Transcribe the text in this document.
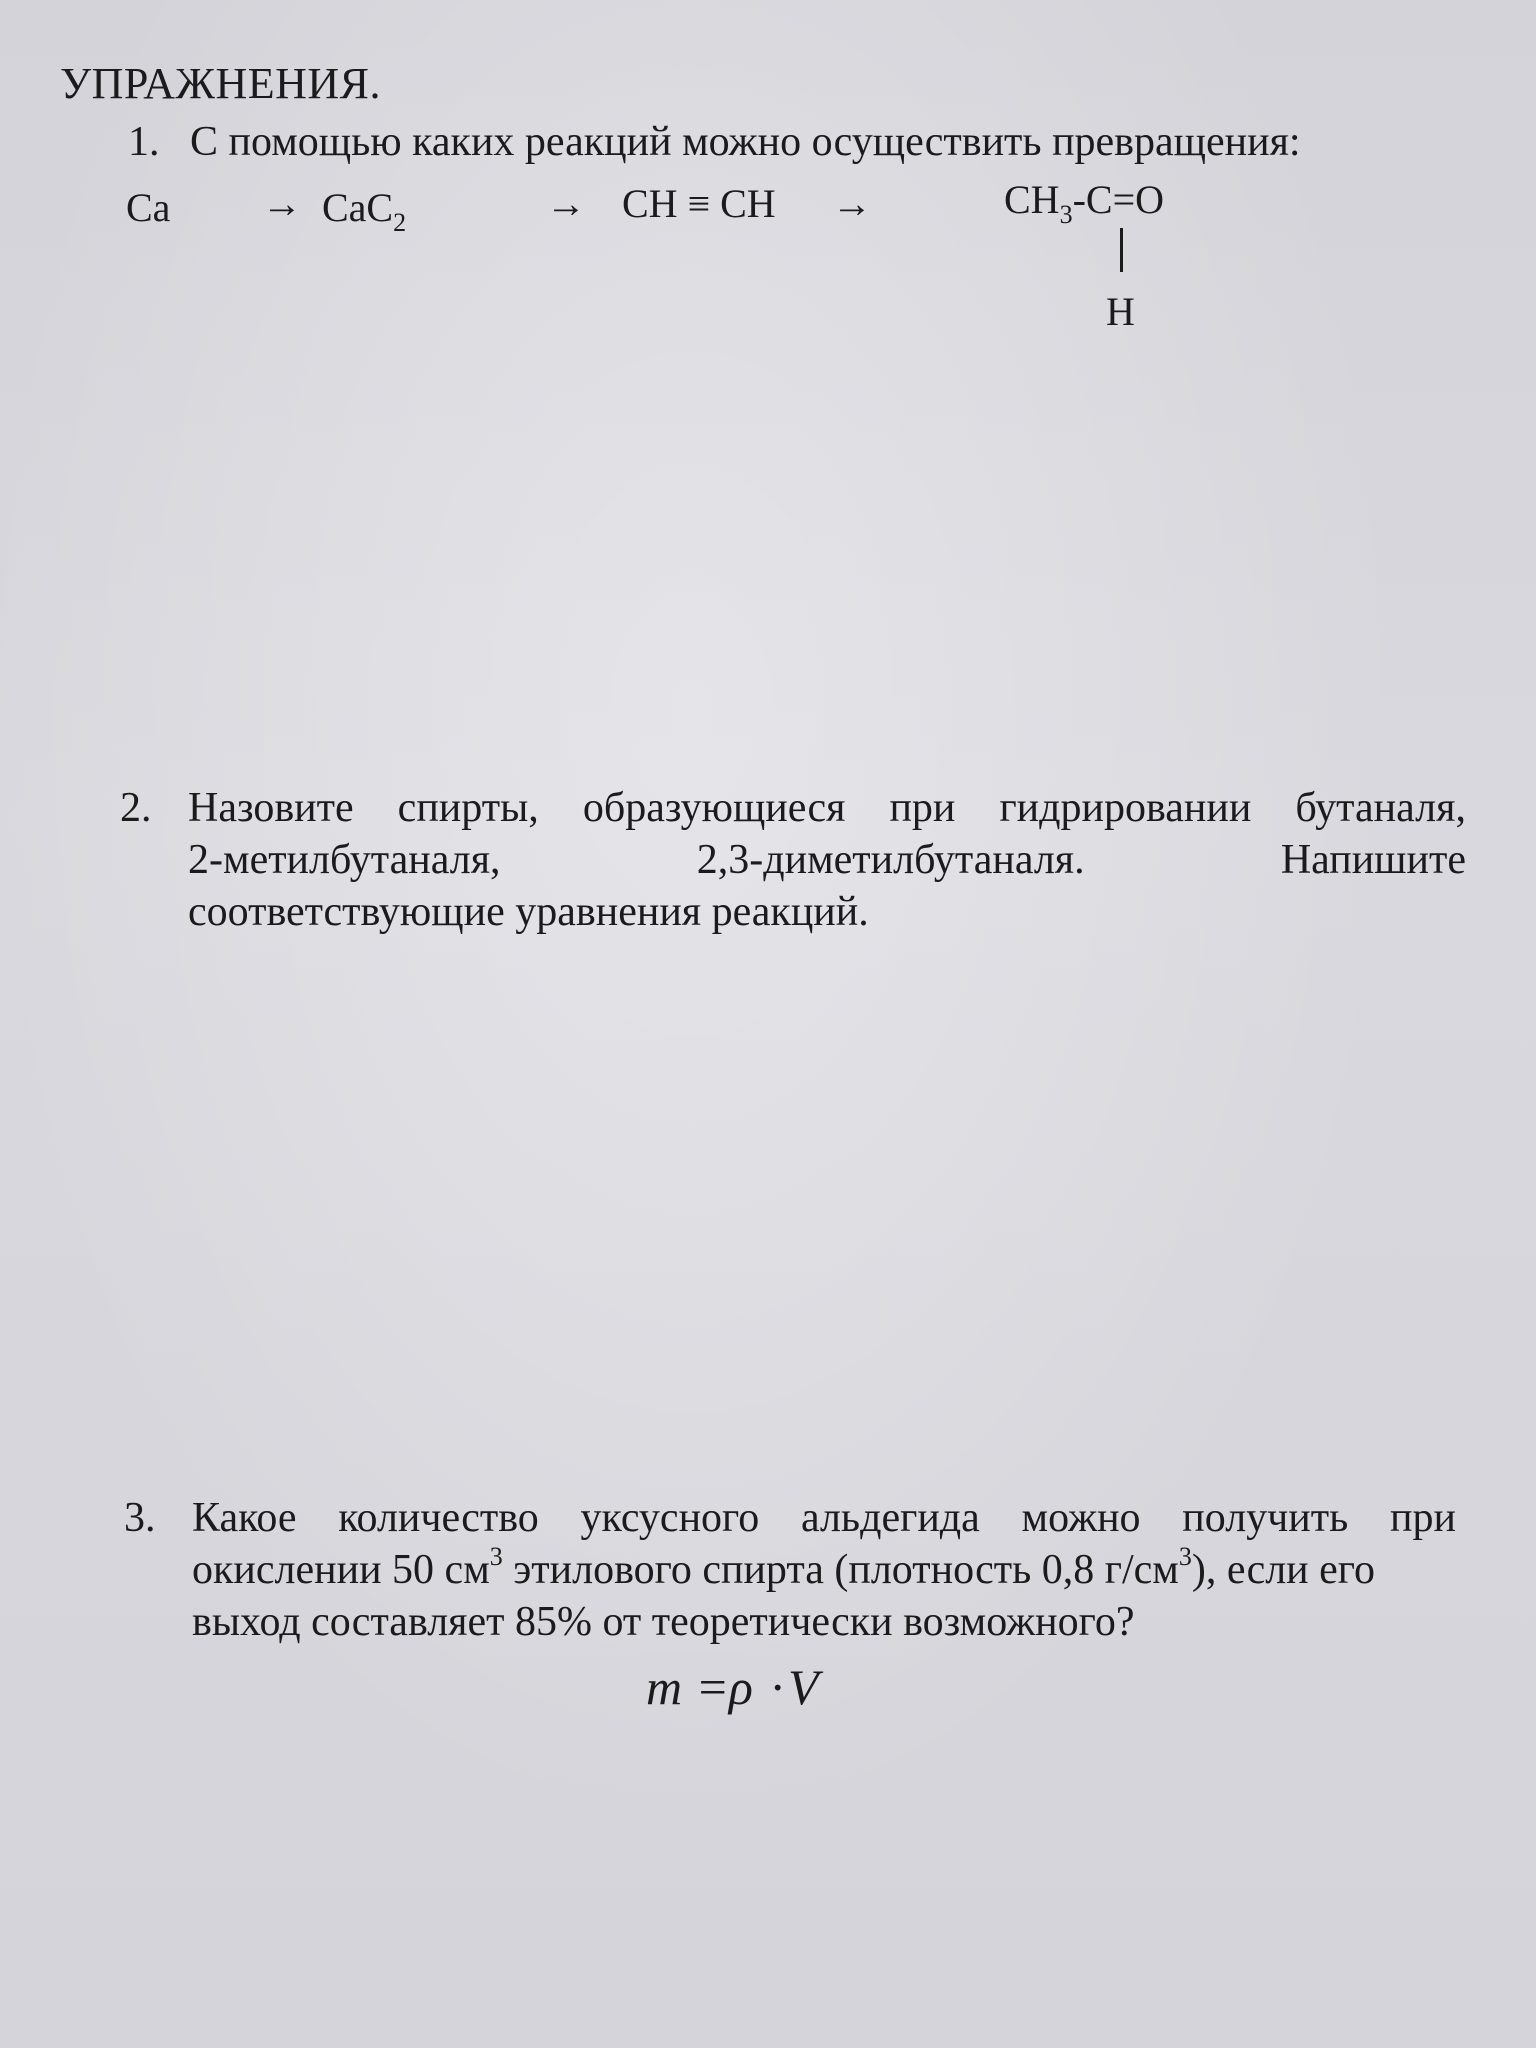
УПРАЖНЕНИЯ.
1. С помощью каких реакций можно осуществить превращения:
Ca → CaC$_2$	→ CH ≡ CH →	$CH_3-C=O$
H
2. Назовите спирты, образующиеся при гидрировании бутаналя,
2-метилбутаналя,	2,3-диметилбутаналя.	Напишите
соответствующие уравнения реакций.
3. Какое количество уксусного альдегида можно получить при
окислении 50 $см^3$ этилового спирта (плотность 0,8 $г/см^3$), если его
выход составляет 85% от теоретически возможного?
m =ρ ·V
